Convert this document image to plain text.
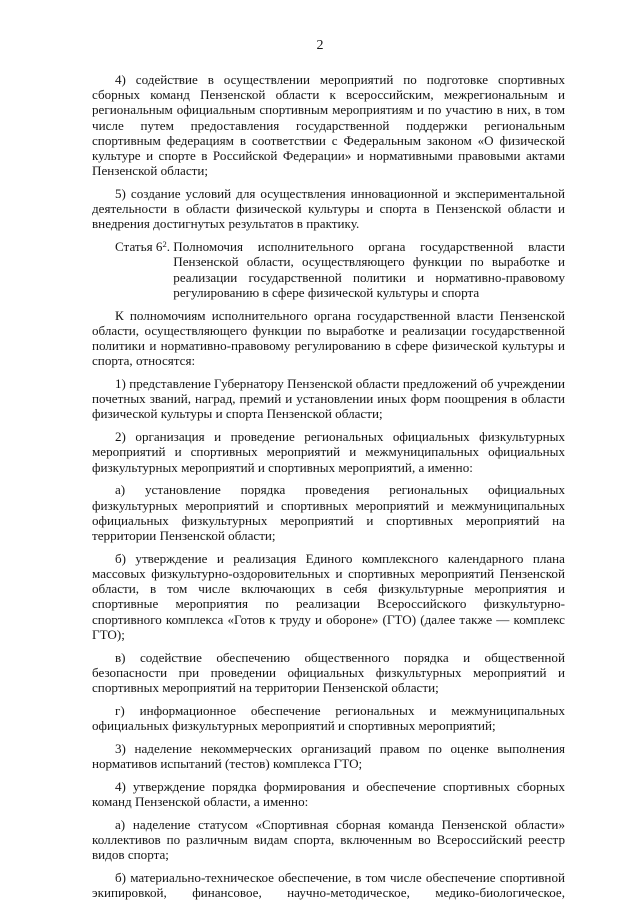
2

4) содействие в осуществлении мероприятий по подготовке спортивных сборных команд Пензенской области к всероссийским, межрегиональным и региональным официальным спортивным мероприятиям и по участию в них, в том числе путем предоставления государственной поддержки региональным спортивным федерациям в соответствии с Федеральным законом «О физической культуре и спорте в Российской Федерации» и нормативными правовыми актами Пензенской области;

5) создание условий для осуществления инновационной и экспериментальной деятельности в области физической культуры и спорта в Пензенской области и внедрения достигнутых результатов в практику.

Статья $6^2$. Полномочия исполнительного органа государственной власти Пензенской области, осуществляющего функции по выработке и реализации государственной политики и нормативно-правовому регулированию в сфере физической культуры и спорта

К полномочиям исполнительного органа государственной власти Пензенской области, осуществляющего функции по выработке и реализации государственной политики и нормативно-правовому регулированию в сфере физической культуры и спорта, относятся:

1) представление Губернатору Пензенской области предложений об учреждении почетных званий, наград, премий и установлении иных форм поощрения в области физической культуры и спорта Пензенской области;

2) организация и проведение региональных официальных физкультурных мероприятий и спортивных мероприятий и межмуниципальных официальных физкультурных мероприятий и спортивных мероприятий, а именно:

а) установление порядка проведения региональных официальных физкультурных мероприятий и спортивных мероприятий и межмуниципальных официальных физкультурных мероприятий и спортивных мероприятий на территории Пензенской области;

б) утверждение и реализация Единого комплексного календарного плана массовых физкультурно-оздоровительных и спортивных мероприятий Пензенской области, в том числе включающих в себя физкультурные мероприятия и спортивные мероприятия по реализации Всероссийского физкультурно-спортивного комплекса «Готов к труду и обороне» (ГТО) (далее также — комплекс ГТО);

в) содействие обеспечению общественного порядка и общественной безопасности при проведении официальных физкультурных мероприятий и спортивных мероприятий на территории Пензенской области;

г) информационное обеспечение региональных и межмуниципальных официальных физкультурных мероприятий и спортивных мероприятий;

3) наделение некоммерческих организаций правом по оценке выполнения нормативов испытаний (тестов) комплекса ГТО;

4) утверждение порядка формирования и обеспечение спортивных сборных команд Пензенской области, а именно:

а) наделение статусом «Спортивная сборная команда Пензенской области» коллективов по различным видам спорта, включенным во Всероссийский реестр видов спорта;

б) материально-техническое обеспечение, в том числе обеспечение спортивной экипировкой, финансовое, научно-методическое, медико-биологическое,
